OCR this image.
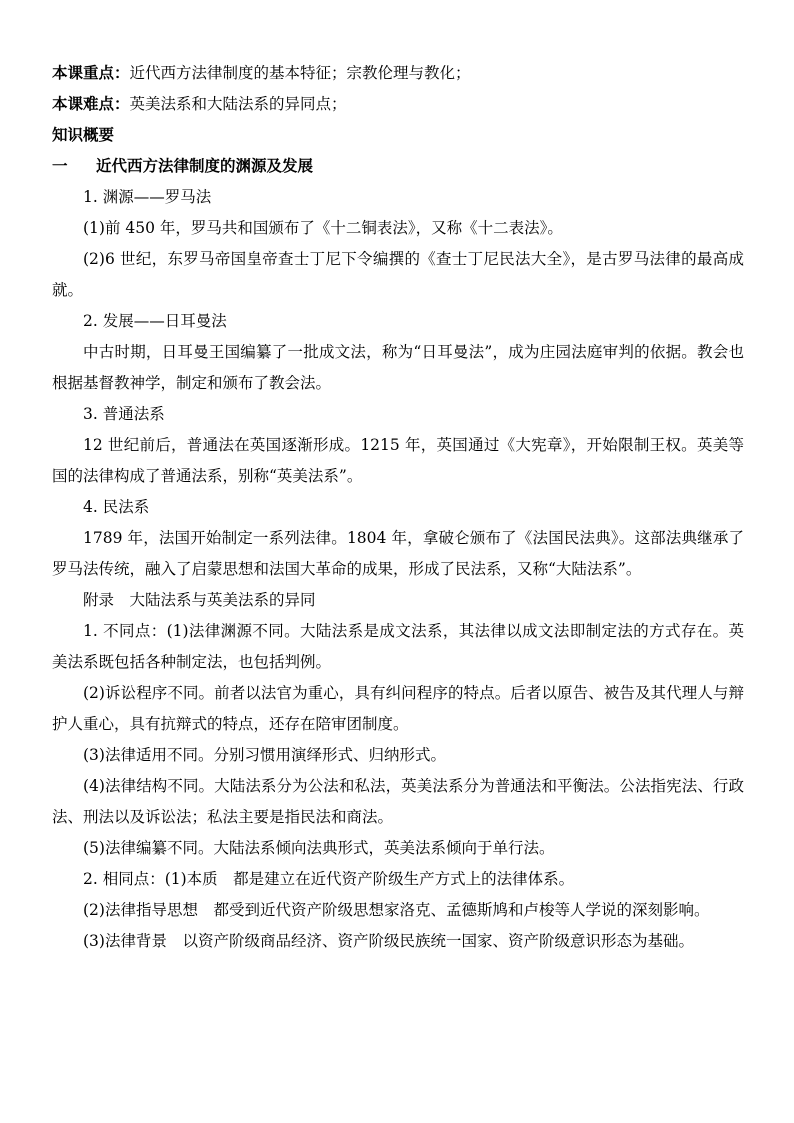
本课重点：近代西方法律制度的基本特征；宗教伦理与教化；

本课难点：英美法系和大陆法系的异同点；

知识概要

一 近代西方法律制度的渊源及发展

1. 渊源——罗马法

(1)前 450 年，罗马共和国颁布了《十二铜表法》，又称《十二表法》。

(2)6 世纪，东罗马帝国皇帝查士丁尼下令编撰的《查士丁尼民法大全》，是古罗马法律的最高成就。

2. 发展——日耳曼法

中古时期，日耳曼王国编纂了一批成文法，称为“日耳曼法”，成为庄园法庭审判的依据。教会也根据基督教神学，制定和颁布了教会法。

3. 普通法系

12 世纪前后，普通法在英国逐渐形成。1215 年，英国通过《大宪章》，开始限制王权。英美等国的法律构成了普通法系，别称“英美法系”。

4. 民法系

1789 年，法国开始制定一系列法律。1804 年，拿破仑颁布了《法国民法典》。这部法典继承了罗马法传统，融入了启蒙思想和法国大革命的成果，形成了民法系，又称“大陆法系”。

附录　大陆法系与英美法系的异同

1. 不同点：(1)法律渊源不同。大陆法系是成文法系，其法律以成文法即制定法的方式存在。英美法系既包括各种制定法，也包括判例。

(2)诉讼程序不同。前者以法官为重心，具有纠问程序的特点。后者以原告、被告及其代理人与辩护人重心，具有抗辩式的特点，还存在陪审团制度。

(3)法律适用不同。分别习惯用演绎形式、归纳形式。

(4)法律结构不同。大陆法系分为公法和私法，英美法系分为普通法和平衡法。公法指宪法、行政法、刑法以及诉讼法；私法主要是指民法和商法。

(5)法律编纂不同。大陆法系倾向法典形式，英美法系倾向于单行法。

2. 相同点：(1)本质　都是建立在近代资产阶级生产方式上的法律体系。

(2)法律指导思想　都受到近代资产阶级思想家洛克、孟德斯鸠和卢梭等人学说的深刻影响。

(3)法律背景　以资产阶级商品经济、资产阶级民族统一国家、资产阶级意识形态为基础。
